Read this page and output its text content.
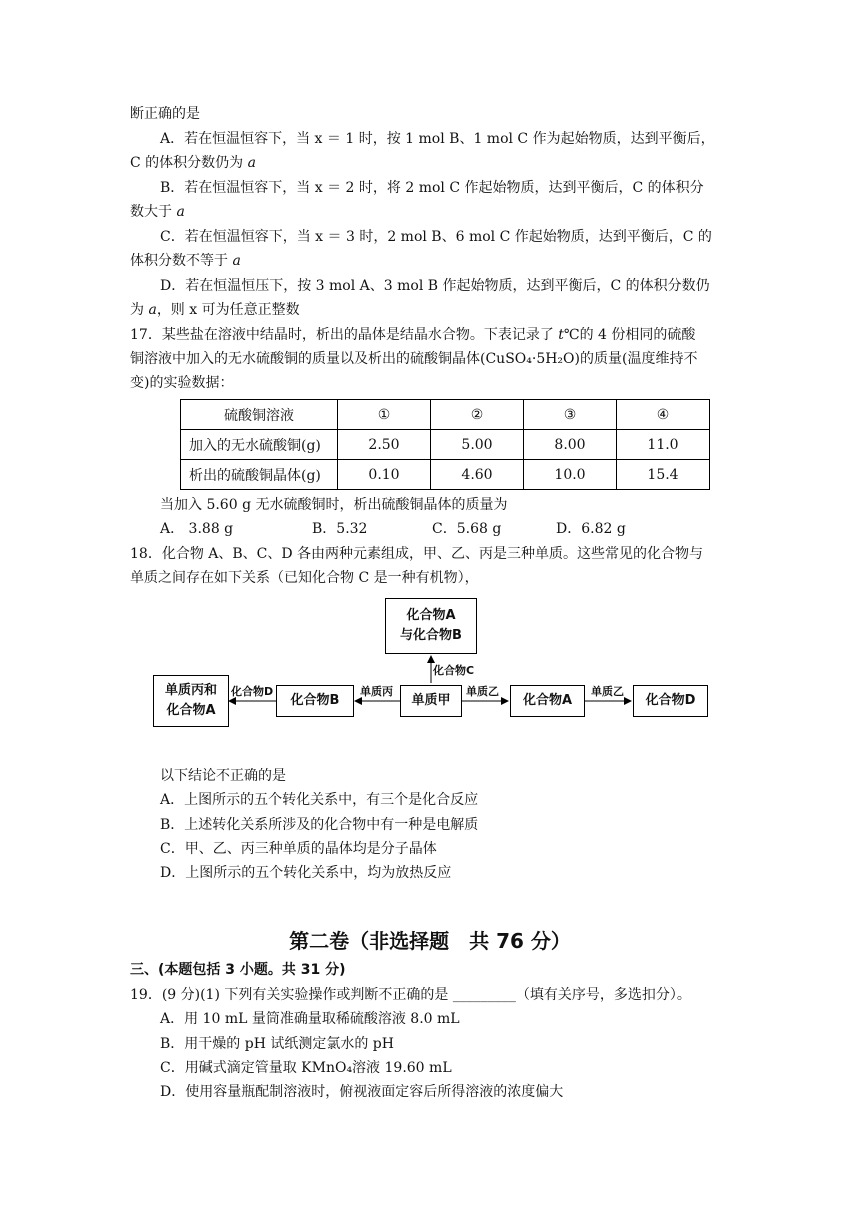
断正确的是
A．若在恒温恒容下，当 x ＝ 1 时，按 1 mol B、1 mol C 作为起始物质，达到平衡后，
C 的体积分数仍为 a
B．若在恒温恒容下，当 x ＝ 2 时，将 2 mol C 作起始物质，达到平衡后，C 的体积分
数大于 a
C．若在恒温恒容下，当 x ＝ 3 时，2 mol B、6 mol C 作起始物质，达到平衡后，C 的
体积分数不等于 a
D．若在恒温恒压下，按 3 mol A、3 mol B 作起始物质，达到平衡后，C 的体积分数仍
为 a，则 x 可为任意正整数
17．某些盐在溶液中结晶时，析出的晶体是结晶水合物。下表记录了 t℃的 4 份相同的硫酸
铜溶液中加入的无水硫酸铜的质量以及析出的硫酸铜晶体(CuSO₄·5H₂O)的质量(温度维持不
变)的实验数据：
硫酸铜溶液	①	②	③	④
加入的无水硫酸铜(g)	2.50	5.00	8.00	11.0
析出的硫酸铜晶体(g)	0.10	4.60	10.0	15.4
当加入 5.60 g 无水硫酸铜时，析出硫酸铜晶体的质量为
A． 3.88 g	B．5.32	C．5.68 g	D．6.82 g
18．化合物 A、B、C、D 各由两种元素组成，甲、乙、丙是三种单质。这些常见的化合物与
单质之间存在如下关系（已知化合物 C 是一种有机物），
化合物A
与化合物B
化合物C
单质丙和
化合物A
化合物D
化合物B
单质丙
单质甲
单质乙
化合物A
单质乙
化合物D
以下结论不正确的是
A．上图所示的五个转化关系中，有三个是化合反应
B．上述转化关系所涉及的化合物中有一种是电解质
C．甲、乙、丙三种单质的晶体均是分子晶体
D．上图所示的五个转化关系中，均为放热反应
第二卷（非选择题　共 76 分）
三、(本题包括 3 小题。共 31 分)
19．(9 分)(1) 下列有关实验操作或判断不正确的是 _________（填有关序号，多选扣分）。
A．用 10 mL 量筒准确量取稀硫酸溶液 8.0 mL
B．用干燥的 pH 试纸测定氯水的 pH
C．用碱式滴定管量取 KMnO₄溶液 19.60 mL
D．使用容量瓶配制溶液时，俯视液面定容后所得溶液的浓度偏大
